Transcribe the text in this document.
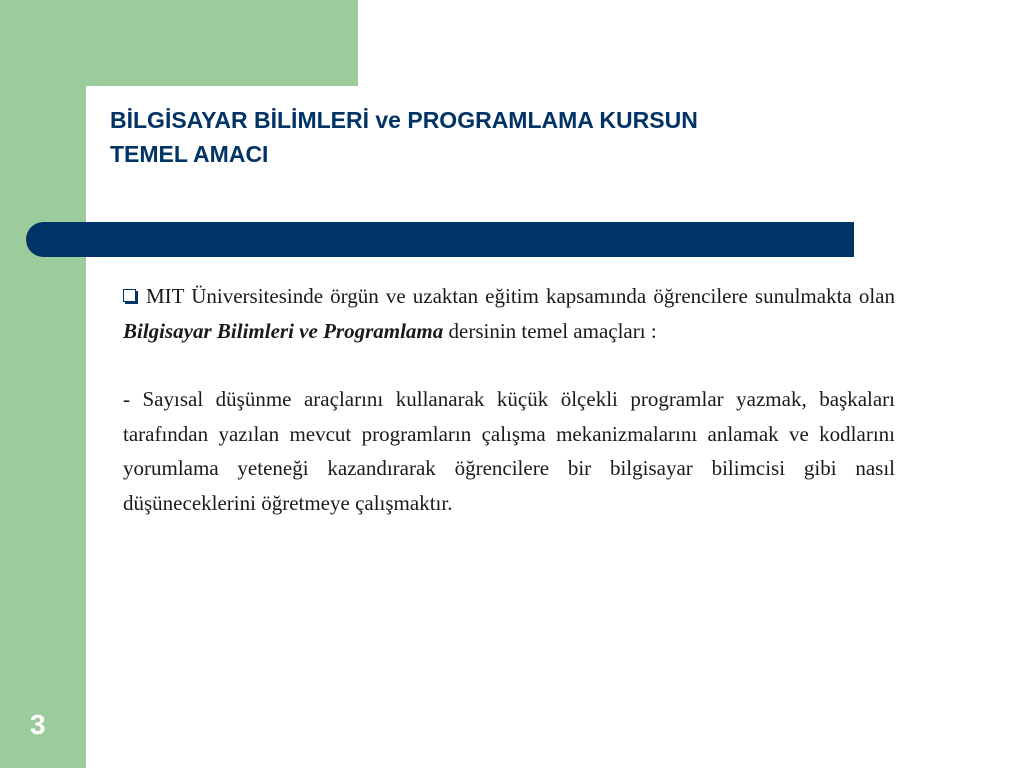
BİLGİSAYAR BİLİMLERİ ve PROGRAMLAMA KURSUN
TEMEL AMACI

MIT Üniversitesinde örgün ve uzaktan eğitim kapsamında öğrencilere sunulmakta olan Bilgisayar Bilimleri ve Programlama dersinin temel amaçları :

- Sayısal düşünme araçlarını kullanarak küçük ölçekli programlar yazmak, başkaları tarafından yazılan mevcut programların çalışma mekanizmalarını anlamak ve kodlarını yorumlama yeteneği kazandırarak öğrencilere bir bilgisayar bilimcisi gibi nasıl düşüneceklerini öğretmeye çalışmaktır.

3
